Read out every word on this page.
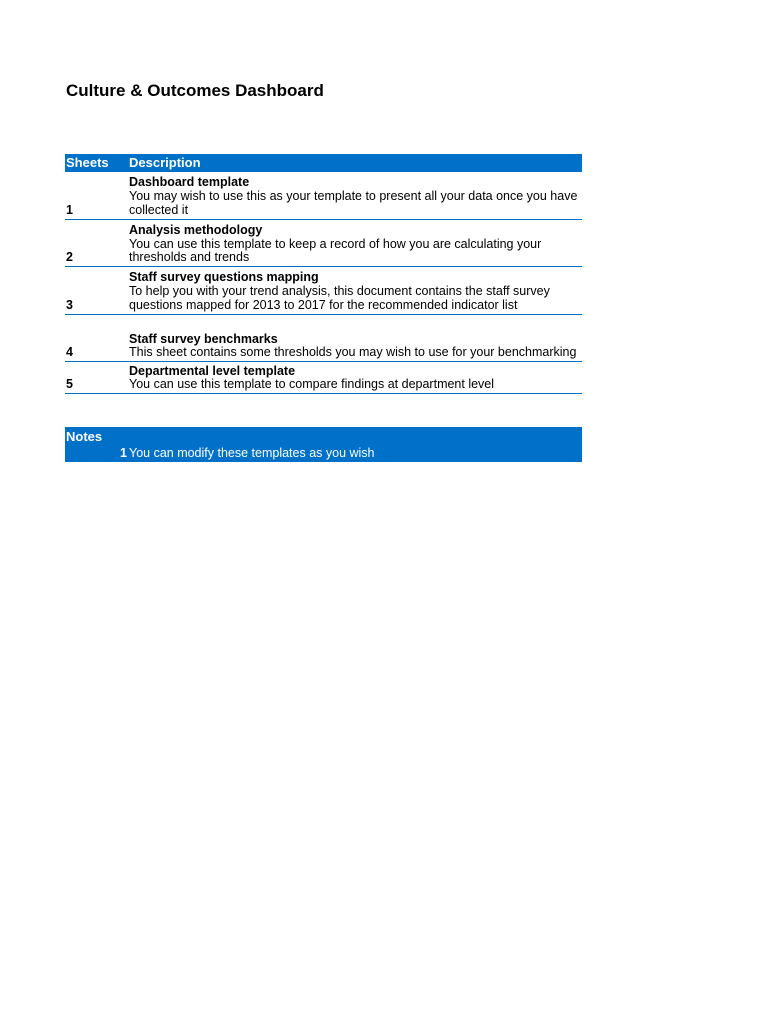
Culture & Outcomes Dashboard
Sheets	Description
1
Dashboard template
You may wish to use this as your template to present all your data once you have collected it
2
Analysis methodology
You can use this template to keep a record of how you are calculating your thresholds and trends
3
Staff survey questions mapping
To help you with your trend analysis, this document contains the staff survey questions mapped for 2013 to 2017 for the recommended indicator list
4
Staff survey benchmarks
This sheet contains some thresholds you may wish to use for your benchmarking
5
Departmental level template
You can use this template to compare findings at department level
Notes
1 You can modify these templates as you wish
